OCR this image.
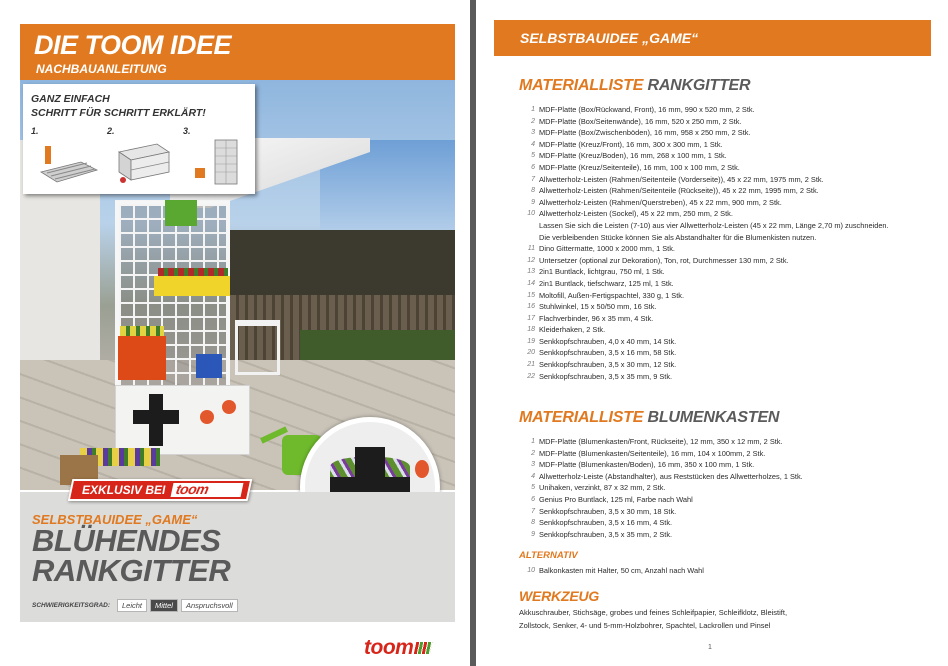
DIE TOOM IDEE
NACHBAUANLEITUNG
GANZ EINFACH
SCHRITT FÜR SCHRITT ERKLÄRT!
1.	2.	3.
SELBSTBAUIDEE „GAME“
BLÜHENDES
RANKGITTER
SCHWIERIGKEITSGRAD:	Leicht	Mittel	Anspruchsvoll
EXKLUSIV BEI toom
toom
SELBSTBAUIDEE „GAME“
MATERIALLISTE RANKGITTER
1 MDF-Platte (Box/Rückwand, Front), 16 mm, 990 x 520 mm, 2 Stk.
2 MDF-Platte (Box/Seitenwände), 16 mm, 520 x 250 mm, 2 Stk.
3 MDF-Platte (Box/Zwischenböden), 16 mm, 958 x 250 mm, 2 Stk.
4 MDF-Platte (Kreuz/Front), 16 mm, 300 x 300 mm, 1 Stk.
5 MDF-Platte (Kreuz/Boden), 16 mm, 268 x 100 mm, 1 Stk.
6 MDF-Platte (Kreuz/Seitenteile), 16 mm, 100 x 100 mm, 2 Stk.
7 Allwetterholz-Leisten (Rahmen/Seitenteile (Vorderseite)), 45 x 22 mm, 1975 mm, 2 Stk.
8 Allwetterholz-Leisten (Rahmen/Seitenteile (Rückseite)), 45 x 22 mm, 1995 mm, 2 Stk.
9 Allwetterholz-Leisten (Rahmen/Querstreben), 45 x 22 mm, 900 mm, 2 Stk.
10 Allwetterholz-Leisten (Sockel), 45 x 22 mm, 250 mm, 2 Stk.
Lassen Sie sich die Leisten (7-10) aus vier Allwetterholz-Leisten (45 x 22 mm, Länge 2,70 m) zuschneiden.
Die verbleibenden Stücke können Sie als Abstandhalter für die Blumenkisten nutzen.
11 Dino Gittermatte, 1000 x 2000 mm, 1 Stk.
12 Untersetzer (optional zur Dekoration), Ton, rot, Durchmesser 130 mm, 2 Stk.
13 2in1 Buntlack, lichtgrau, 750 ml, 1 Stk.
14 2in1 Buntlack, tiefschwarz, 125 ml, 1 Stk.
15 Moltofill, Außen-Fertigspachtel, 330 g, 1 Stk.
16 Stuhlwinkel, 15 x 50/50 mm, 16 Stk.
17 Flachverbinder, 96 x 35 mm, 4 Stk.
18 Kleiderhaken, 2 Stk.
19 Senkkopfschrauben, 4,0 x 40 mm, 14 Stk.
20 Senkkopfschrauben, 3,5 x 16 mm, 58 Stk.
21 Senkkopfschrauben, 3,5 x 30 mm, 12 Stk.
22 Senkkopfschrauben, 3,5 x 35 mm, 9 Stk.
MATERIALLISTE BLUMENKASTEN
1 MDF-Platte (Blumenkasten/Front, Rückseite), 12 mm, 350 x 12 mm, 2 Stk.
2 MDF-Platte (Blumenkasten/Seitenteile), 16 mm, 104 x 100mm, 2 Stk.
3 MDF-Platte (Blumenkasten/Boden), 16 mm, 350 x 100 mm, 1 Stk.
4 Allwetterholz-Leiste (Abstandhalter), aus Reststücken des Allwetterholzes, 1 Stk.
5 Unihaken, verzinkt, 87 x 32 mm, 2 Stk.
6 Genius Pro Buntlack, 125 ml, Farbe nach Wahl
7 Senkkopfschrauben, 3,5 x 30 mm, 18 Stk.
8 Senkkopfschrauben, 3,5 x 16 mm, 4 Stk.
9 Senkkopfschrauben, 3,5 x 35 mm, 2 Stk.
ALTERNATIV
10 Balkonkasten mit Halter, 50 cm, Anzahl nach Wahl
WERKZEUG
Akkuschrauber, Stichsäge, grobes und feines Schleifpapier, Schleifklotz, Bleistift,
Zollstock, Senker, 4- und 5-mm-Holzbohrer, Spachtel, Lackrollen und Pinsel
1
